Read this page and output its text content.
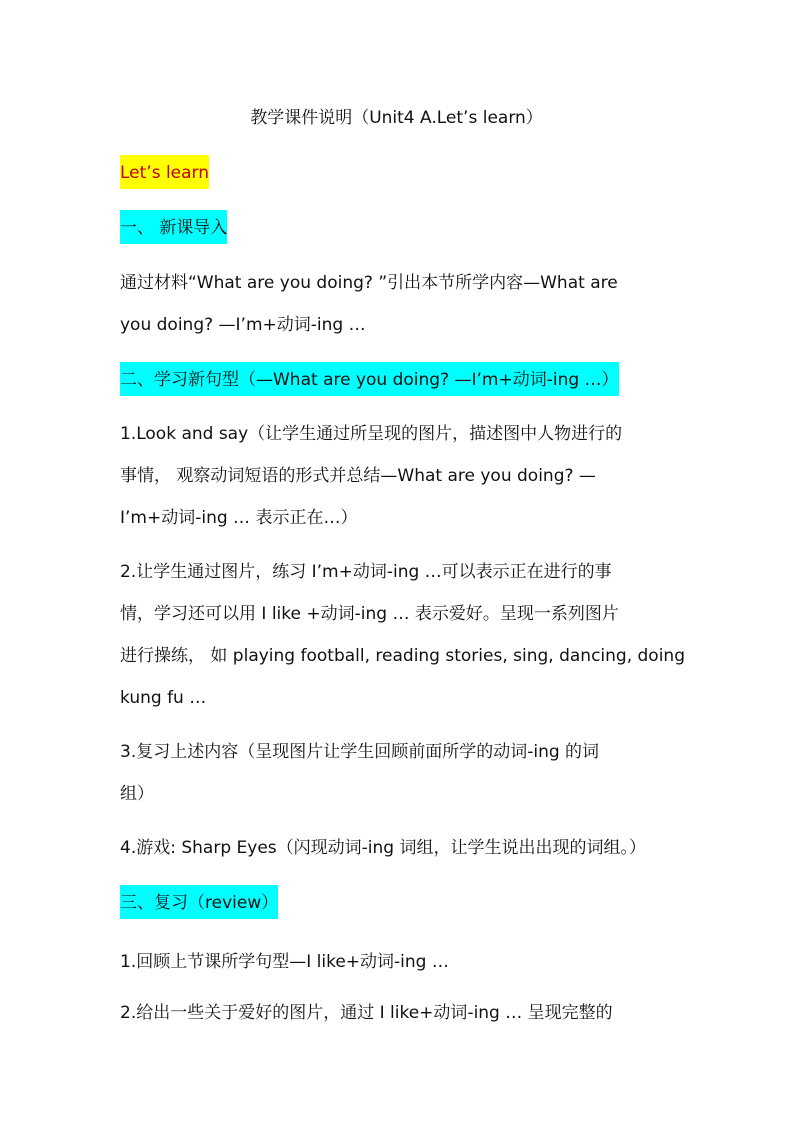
教学课件说明（Unit4 A.Let’s learn）
Let’s learn
一、 新课导入
通过材料“What are you doing? ”引出本节所学内容—What are
you doing? —I’m+动词-ing …
二、学习新句型（—What are you doing? —I’m+动词-ing …）
1.Look and say（让学生通过所呈现的图片，描述图中人物进行的
事情， 观察动词短语的形式并总结—What are you doing? —
I’m+动词-ing … 表示正在…）
2.让学生通过图片，练习 I’m+动词-ing …可以表示正在进行的事
情，学习还可以用 I like +动词-ing … 表示爱好。呈现一系列图片
进行操练， 如 playing football, reading stories, sing, dancing, doing
kung fu …
3.复习上述内容（呈现图片让学生回顾前面所学的动词-ing 的词
组）
4.游戏: Sharp Eyes（闪现动词-ing 词组，让学生说出出现的词组。）
三、复习（review）
1.回顾上节课所学句型—I like+动词-ing …
2.给出一些关于爱好的图片，通过 I like+动词-ing … 呈现完整的
